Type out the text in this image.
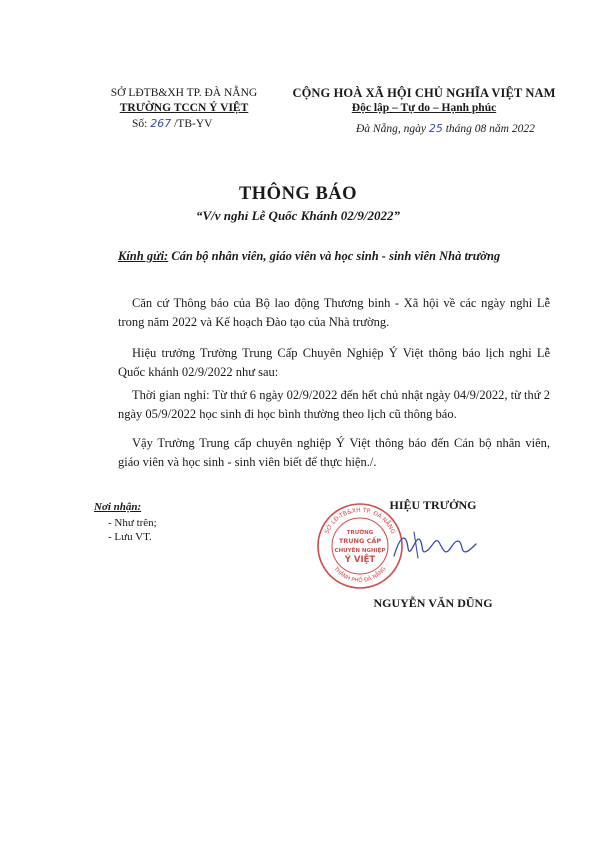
SỞ LĐTB&XH TP. ĐÀ NẴNG
TRƯỜNG TCCN Ý VIỆT
Số: 267 /TB-YV
CỘNG HOÀ XÃ HỘI CHỦ NGHĨA VIỆT NAM
Độc lập – Tự do – Hạnh phúc
Đà Nẵng, ngày 25 tháng 08 năm 2022
THÔNG BÁO
“V/v nghỉ Lễ Quốc Khánh 02/9/2022”
Kính gửi: Cán bộ nhân viên, giáo viên và học sinh - sinh viên Nhà trường
Căn cứ Thông báo của Bộ lao động Thương binh - Xã hội về các ngày nghỉ Lễ trong năm 2022 và Kế hoạch Đào tạo của Nhà trường.
Hiệu trưởng Trường Trung Cấp Chuyên Nghiệp Ý Việt thông báo lịch nghỉ Lễ Quốc khánh 02/9/2022 như sau:
Thời gian nghỉ: Từ thứ 6 ngày 02/9/2022 đến hết chủ nhật ngày 04/9/2022, từ thứ 2 ngày 05/9/2022 học sinh đi học bình thường theo lịch cũ thông báo.
Vậy Trường Trung cấp chuyên nghiệp Ý Việt thông báo đến Cán bộ nhân viên, giáo viên và học sinh - sinh viên biết để thực hiện./.
Nơi nhận:
- Như trên;
- Lưu VT.
HIỆU TRƯỞNG
SỞ LĐ-TB&XH TP. ĐÀ NẴNG
THÀNH PHỐ ĐÀ NẴNG
TRƯỜNG
TRUNG CẤP
CHUYÊN NGHIỆP
Ý VIỆT
NGUYỄN VĂN DŨNG
